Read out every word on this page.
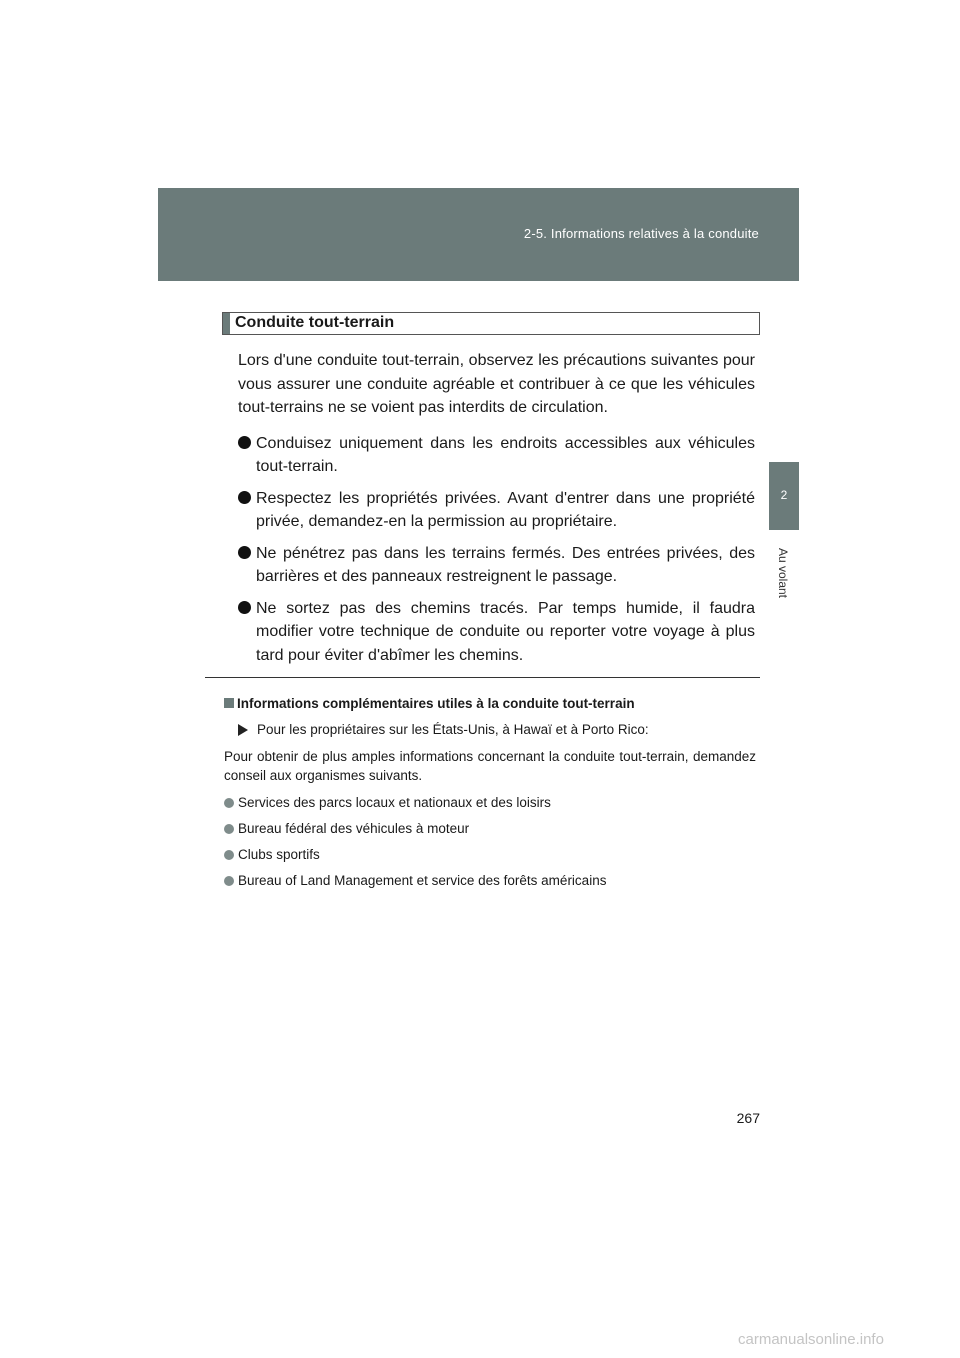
2-5. Informations relatives à la conduite
2
Au volant
Conduite tout-terrain

Lors d'une conduite tout-terrain, observez les précautions suivantes pour vous assurer une conduite agréable et contribuer à ce que les véhicules tout-terrains ne se voient pas interdits de circulation.

Conduisez uniquement dans les endroits accessibles aux véhicules tout-terrain.
Respectez les propriétés privées. Avant d'entrer dans une propriété privée, demandez-en la permission au propriétaire.
Ne pénétrez pas dans les terrains fermés. Des entrées privées, des barrières et des panneaux restreignent le passage.
Ne sortez pas des chemins tracés. Par temps humide, il faudra modifier votre technique de conduite ou reporter votre voyage à plus tard pour éviter d'abîmer les chemins.
Informations complémentaires utiles à la conduite tout-terrain
Pour les propriétaires sur les États-Unis, à Hawaï et à Porto Rico:

Pour obtenir de plus amples informations concernant la conduite tout-terrain, demandez conseil aux organismes suivants.

Services des parcs locaux et nationaux et des loisirs
Bureau fédéral des véhicules à moteur
Clubs sportifs
Bureau of Land Management et service des forêts américains
267
carmanualsonline.info
